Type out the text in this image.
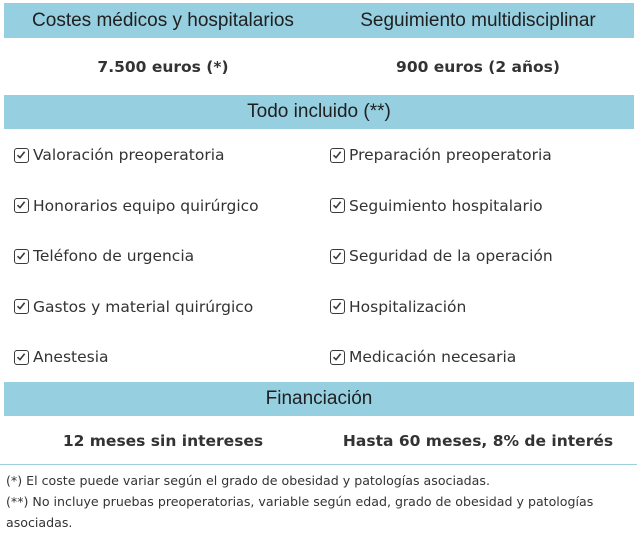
Costes médicos y hospitalarios	Seguimiento multidisciplinar
7.500 euros (*)	900 euros (2 años)
Todo incluido (**)
Valoración preoperatoria	Preparación preoperatoria
Honorarios equipo quirúrgico	Seguimiento hospitalario
Teléfono de urgencia	Seguridad de la operación
Gastos y material quirúrgico	Hospitalización
Anestesia	Medicación necesaria
Financiación
12 meses sin intereses	Hasta 60 meses, 8% de interés

(*) El coste puede variar según el grado de obesidad y patologías asociadas.

(**) No incluye pruebas preoperatorias, variable según edad, grado de obesidad y patologías asociadas.
